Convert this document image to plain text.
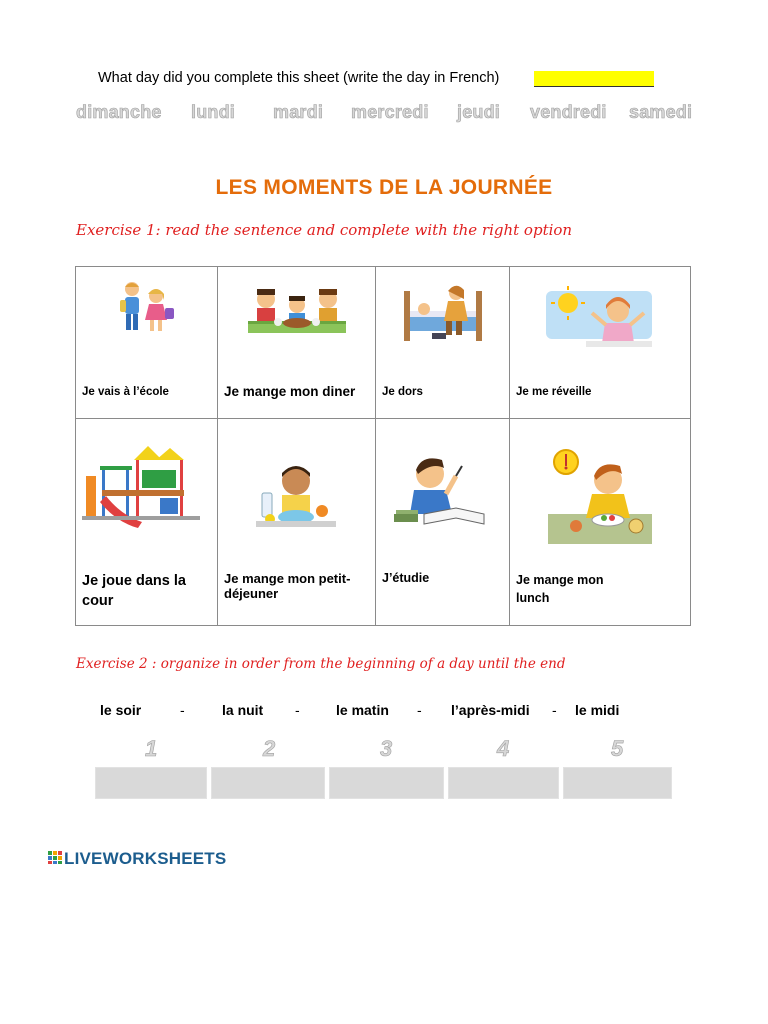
What day did you complete this sheet (write the day in French)
dimanche lundi mardi mercredi jeudi vendredi samedi
LES MOMENTS DE LA JOURNÉE
Exercise 1: read the sentence and complete with the right option
Je vais à l’école	Je mange mon diner	Je dors	Je me réveille

Je joue dans la cour	Je mange mon petit-déjeuner	J’étudie	Je mange mon lunch
Exercise 2 : organize in order from the beginning of a day until the end
le soir	-	la nuit -	le matin - l’après-midi - le midi
1	2	3	4	5
LIVEWORKSHEETS
